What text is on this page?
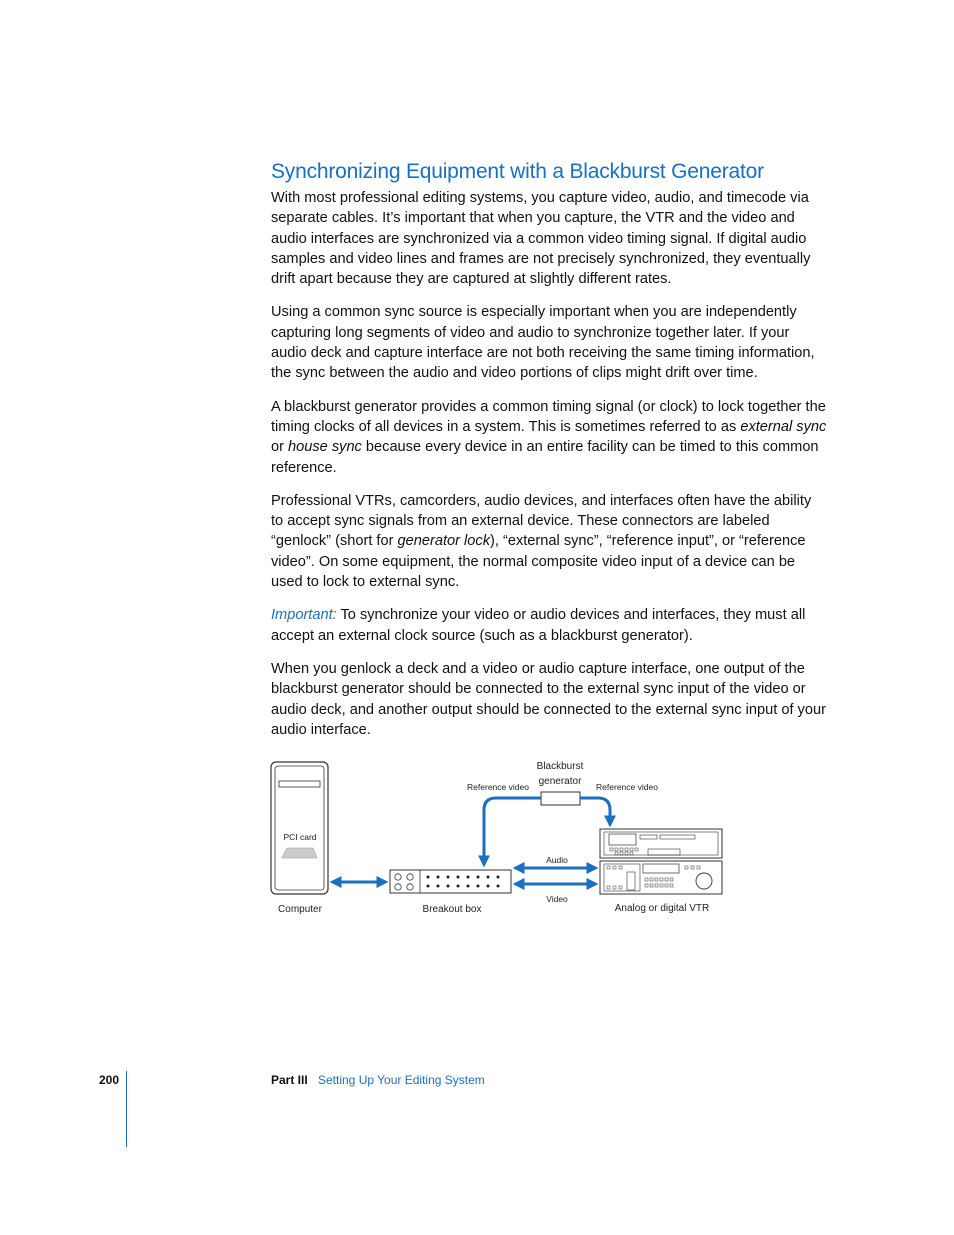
Synchronizing Equipment with a Blackburst Generator

With most professional editing systems, you capture video, audio, and timecode via separate cables. It’s important that when you capture, the VTR and the video and audio interfaces are synchronized via a common video timing signal. If digital audio samples and video lines and frames are not precisely synchronized, they eventually drift apart because they are captured at slightly different rates.

Using a common sync source is especially important when you are independently capturing long segments of video and audio to synchronize together later. If your audio deck and capture interface are not both receiving the same timing information, the sync between the audio and video portions of clips might drift over time.

A blackburst generator provides a common timing signal (or clock) to lock together the timing clocks of all devices in a system. This is sometimes referred to as external sync or house sync because every device in an entire facility can be timed to this common reference.

Professional VTRs, camcorders, audio devices, and interfaces often have the ability to accept sync signals from an external device. These connectors are labeled “genlock” (short for generator lock), “external sync”, “reference input”, or “reference video”. On some equipment, the normal composite video input of a device can be used to lock to external sync.

Important: To synchronize your video or audio devices and interfaces, they must all accept an external clock source (such as a blackburst generator).

When you genlock a deck and a video or audio capture interface, one output of the blackburst generator should be connected to the external sync input of the video or audio deck, and another output should be connected to the external sync input of your audio interface.

PCI card
Blackburst
generator
Reference video	Reference video
Audio
Video
Computer	Breakout box	Analog or digital VTR
200	Part III Setting Up Your Editing System
